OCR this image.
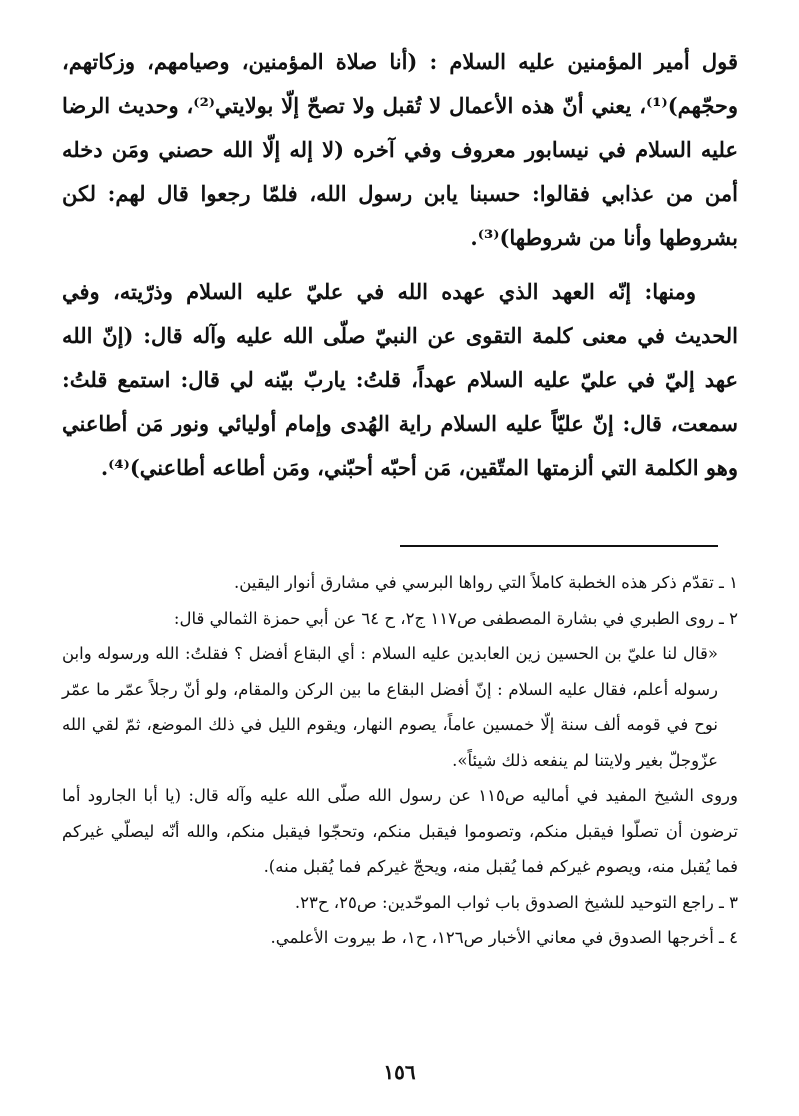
قول أمير المؤمنين عليه السلام : (أنا صلاة المؤمنين، وصيامهم، وزكاتهم، وحجّهم)⁽¹⁾، يعني أنّ هذه الأعمال لا تُقبل ولا تصحّ إلّا بولايتي⁽²⁾، وحديث الرضا عليه السلام في نيسابور معروف وفي آخره (لا إله إلّا الله حصني ومَن دخله أمن من عذابي فقالوا: حسبنا يابن رسول الله، فلمّا رجعوا قال لهم: لكن بشروطها وأنا من شروطها)⁽³⁾.

ومنها: إنّه العهد الذي عهده الله في عليّ عليه السلام وذرّيته، وفي الحديث في معنى كلمة التقوى عن النبيّ صلّى الله عليه وآله قال: (إنّ الله عهد إليّ في عليّ عليه السلام عهداً، قلتُ: ياربّ بيّنه لي قال: استمع قلتُ: سمعت، قال: إنّ عليّاً عليه السلام راية الهُدى وإمام أوليائي ونور مَن أطاعني وهو الكلمة التي ألزمتها المتّقين، مَن أحبّه أحبّني، ومَن أطاعه أطاعني)⁽⁴⁾.

١ ـ تقدّم ذكر هذه الخطبة كاملاً التي رواها البرسي في مشارق أنوار اليقين.

٢ ـ روى الطبري في بشارة المصطفى ص١١٧ ج٢، ح ٦٤ عن أبي حمزة الثمالي قال:

«قال لنا عليّ بن الحسين زين العابدين عليه السلام : أي البقاع أفضل ؟ فقلتُ: الله ورسوله وابن رسوله أعلم، فقال عليه السلام : إنّ أفضل البقاع ما بين الركن والمقام، ولو أنّ رجلاً عمّر ما عمّر نوح في قومه ألف سنة إلّا خمسين عاماً، يصوم النهار، ويقوم الليل في ذلك الموضع، ثمّ لقي الله عزّوجلّ بغير ولايتنا لم ينفعه ذلك شيئاً».

وروى الشيخ المفيد في أماليه ص١١٥ عن رسول الله صلّى الله عليه وآله قال: (يا أبا الجارود أما ترضون أن تصلّوا فيقبل منكم، وتصوموا فيقبل منكم، وتحجّوا فيقبل منكم، والله أنّه ليصلّي غيركم فما يُقبل منه، ويصوم غيركم فما يُقبل منه، ويحجّ غيركم فما يُقبل منه).

٣ ـ راجع التوحيد للشيخ الصدوق باب ثواب الموحّدين: ص٢٥، ح٢٣.

٤ ـ أخرجها الصدوق في معاني الأخبار ص١٢٦، ح١، ط بيروت الأعلمي.

١٥٦
